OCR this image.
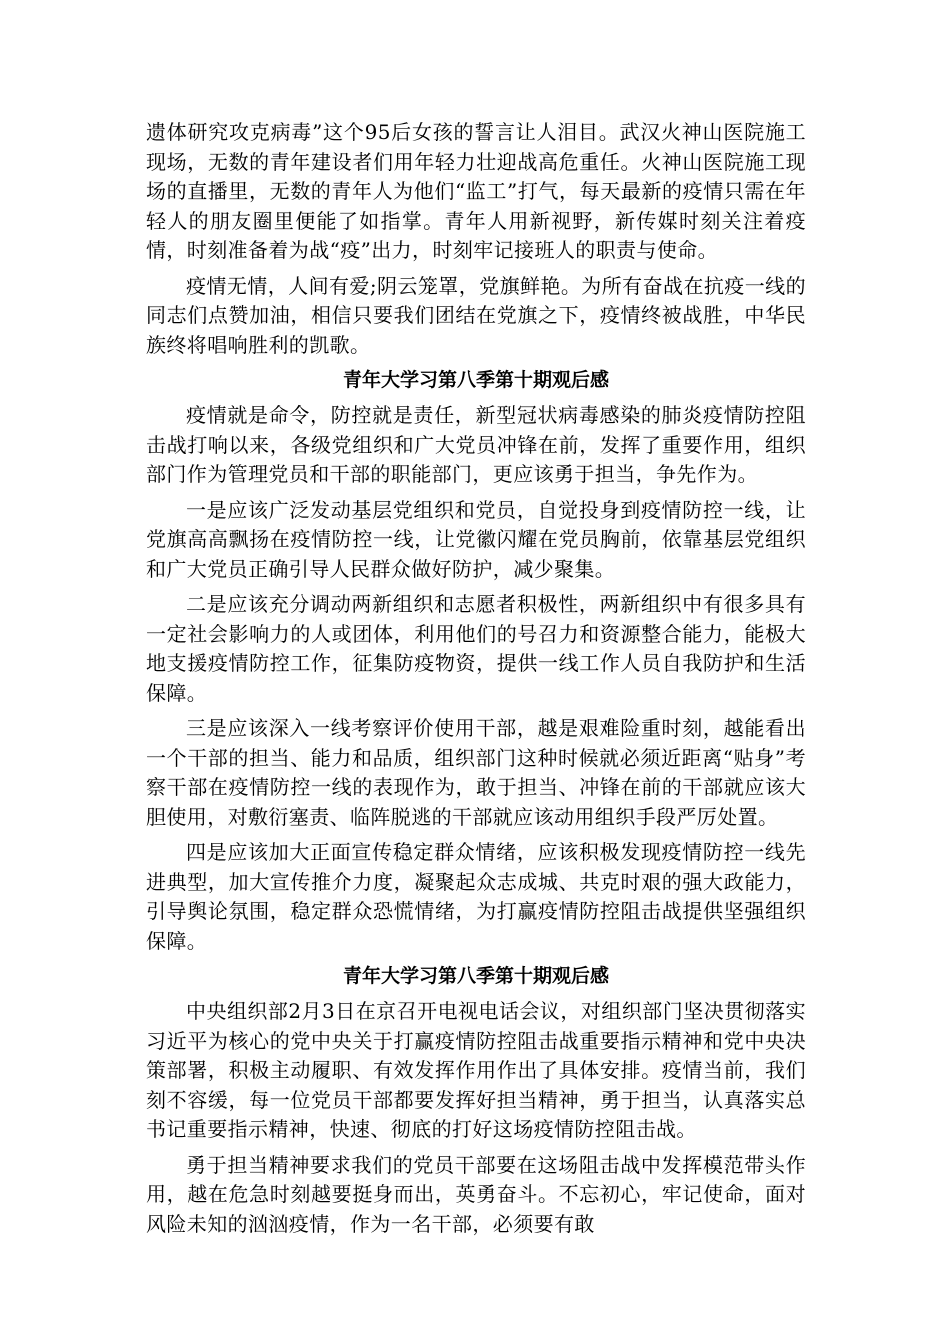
遗体研究攻克病毒”这个95后女孩的誓言让人泪目。武汉火神山医院施工现场，无数的青年建设者们用年轻力壮迎战高危重任。火神山医院施工现场的直播里，无数的青年人为他们“监工”打气，每天最新的疫情只需在年轻人的朋友圈里便能了如指掌。青年人用新视野，新传媒时刻关注着疫情，时刻准备着为战“疫”出力，时刻牢记接班人的职责与使命。

疫情无情，人间有爱;阴云笼罩，党旗鲜艳。为所有奋战在抗疫一线的同志们点赞加油，相信只要我们团结在党旗之下，疫情终被战胜，中华民族终将唱响胜利的凯歌。

青年大学习第八季第十期观后感

疫情就是命令，防控就是责任，新型冠状病毒感染的肺炎疫情防控阻击战打响以来，各级党组织和广大党员冲锋在前，发挥了重要作用，组织部门作为管理党员和干部的职能部门，更应该勇于担当，争先作为。

一是应该广泛发动基层党组织和党员，自觉投身到疫情防控一线，让党旗高高飘扬在疫情防控一线，让党徽闪耀在党员胸前，依靠基层党组织和广大党员正确引导人民群众做好防护，减少聚集。

二是应该充分调动两新组织和志愿者积极性，两新组织中有很多具有一定社会影响力的人或团体，利用他们的号召力和资源整合能力，能极大地支援疫情防控工作，征集防疫物资，提供一线工作人员自我防护和生活保障。

三是应该深入一线考察评价使用干部，越是艰难险重时刻，越能看出一个干部的担当、能力和品质，组织部门这种时候就必须近距离“贴身”考察干部在疫情防控一线的表现作为，敢于担当、冲锋在前的干部就应该大胆使用，对敷衍塞责、临阵脱逃的干部就应该动用组织手段严厉处置。

四是应该加大正面宣传稳定群众情绪，应该积极发现疫情防控一线先进典型，加大宣传推介力度，凝聚起众志成城、共克时艰的强大政能力，引导舆论氛围，稳定群众恐慌情绪，为打赢疫情防控阻击战提供坚强组织保障。

青年大学习第八季第十期观后感

中央组织部2月3日在京召开电视电话会议，对组织部门坚决贯彻落实习近平为核心的党中央关于打赢疫情防控阻击战重要指示精神和党中央决策部署，积极主动履职、有效发挥作用作出了具体安排。疫情当前，我们刻不容缓，每一位党员干部都要发挥好担当精神，勇于担当，认真落实总书记重要指示精神，快速、彻底的打好这场疫情防控阻击战。

勇于担当精神要求我们的党员干部要在这场阻击战中发挥模范带头作用，越在危急时刻越要挺身而出，英勇奋斗。不忘初心，牢记使命，面对风险未知的汹汹疫情，作为一名干部，必须要有敢
